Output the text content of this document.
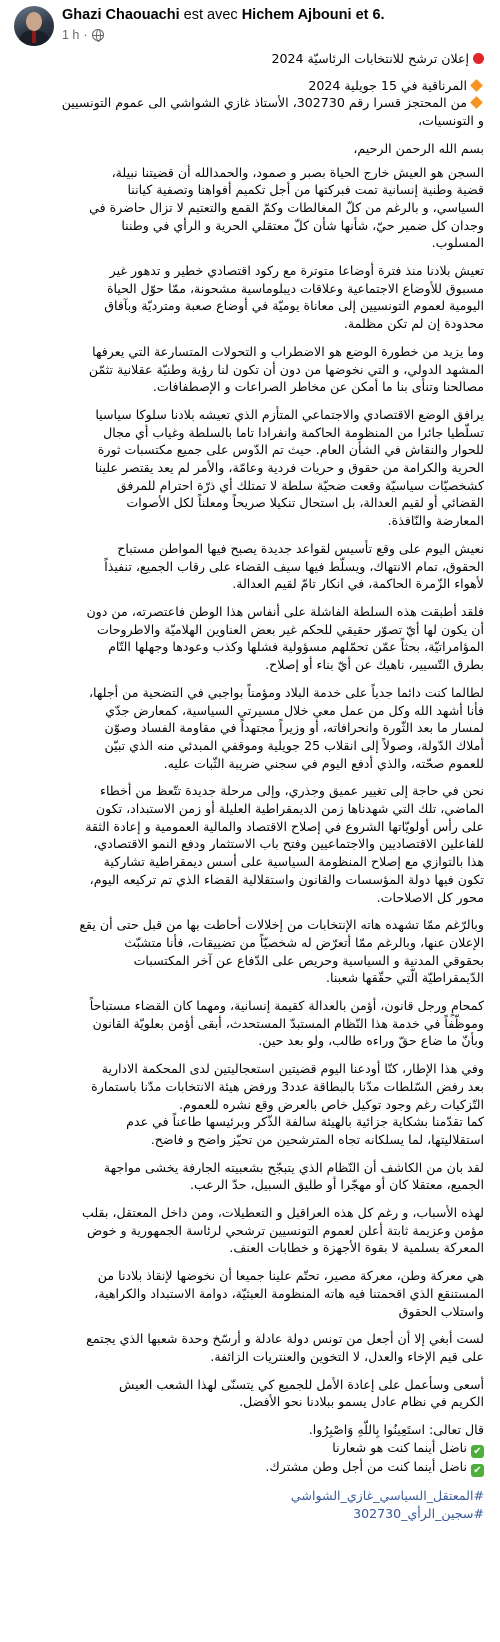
Ghazi Chaouachi est avec Hichem Ajbouni et 6.
1 h ·

إعلان ترشح للانتخابات الرئاسيّة 2024

المرناقية في 15 جويلية 2024

من المحتجز قسرا رقم 302730، الأستاذ غازي الشواشي الى عموم التونسيين
و التونسيات،

بسم الله الرحمن الرحيم،

السجن هو العيش خارج الحياة بصبر و صمود، والحمدالله أن قضيتنا نبيلة،
قضية وطنية إنسانية تمت فبركتها من أجل تكميم أفواهنا وتصفية كياننا
السياسي، و بالرغم من كلّ المغالطات وكمّ القمع والتعتيم لا تزال حاضرة في
وجدان كل ضمير حيّ، شأنها شأن كلّ معتقلي الحرية و الرأي في وطننا
المسلوب.

تعيش بلادنا منذ فترة أوضاعا متوترة مع ركود اقتصادي خطير و تدهور غير
مسبوق للأوضاع الاجتماعية وعلاقات ديبلوماسية مشحونة، ممّا حوّل الحياة
اليومية لعموم التونسيين إلى معاناة يوميّة في أوضاع صعبة ومترديّة وبآفاق
محدودة إن لم تكن مظلمة.

وما يزيد من خطورة الوضع هو الاضطراب و التحولات المتسارعة التي يعرفها
المشهد الدولي، و التي نخوضها من دون أن تكون لنا رؤية وطنيّة عقلانية تثمّن
مصالحنا وتنأى بنا ما أمكن عن مخاطر الصراعات و الإصطفافات.

يرافق الوضع الاقتصادي والاجتماعي المتأزم الذي تعيشه بلادنا سلوكا سياسيا
تسلّطيا جائرا من المنظومة الحاكمة وانفرادا تاما بالسلطة وغياب أي مجال
للحوار والنقاش في الشأن العام. حيث تم الدّوس على جميع مكتسبات ثورة
الحرية والكرامة من حقوق و حريات فردية وعامّة، والأمر لم يعد يقتصر علينا
كشخصيّات سياسيّة وقعت ضحيّة سلطة لا تمتلك أي ذرّة احترام للمرفق
القضائي أو لقيم العدالة، بل استحال تنكيلا صريحاً ومعلناً لكل الأصوات
المعارضة والنّافذة.

نعيش اليوم على وقع تأسيس لقواعد جديدة يصبح فيها المواطن مستباح
الحقوق، تمام الانتهاك، ويسلّط فيها سيف القضاء على رقاب الجميع، تنفيذاً
لأهواء الزّمرة الحاكمة، في انكار تامّ لقيم العدالة.

فلقد أطبقت هذه السلطة الفاشلة على أنفاس هذا الوطن فاعتصرته، من دون
أن يكون لها أيّ تصوّر حقيقي للحكم غير بعض العناوين الهلاميّة والاطروحات
المؤامراتيّة، بحثاً عمّن تحمّلهم مسؤولية فشلها وكذب وعودها وجهلها التّام
بطرق التّسيير، ناهيك عن أيّ بناء أو إصلاح.

لطالما كنت دائما جدياً على خدمة البلاد ومؤمناً بواجبي في التضحية من أجلها،
فأنا أشهد الله وكل من عمل معي خلال مسيرتي السياسية، كمعارض جدّي
لمسار ما بعد الثّورة وانحرافاته، أو وزيراً مجتهداً في مقاومة الفساد وصوّن
أملاك الدّولة، وصولاً إلى انقلاب 25 جويلية وموقفي المبدئي منه الذي تبيّن
للعموم صحّته، والذي أدفع اليوم في سجني ضريبة الثّبات عليه.

نحن في حاجة إلى تغيير عميق وجذري، وإلى مرحلة جديدة تتّعظ من أخطاء
الماضي، تلك التي شهدناها زمن الديمقراطية العليلة أو زمن الاستبداد، تكون
على رأس أولويّاتها الشروع في إصلاح الاقتصاد والمالية العمومية و إعادة الثقة
للفاعلين الاقتصاديين والاجتماعيين وفتح باب الاستثمار ودفع النمو الاقتصادي،
هذا بالتوازي مع إصلاح المنظومة السياسية على أسس ديمقراطية تشاركية
تكون فيها دولة المؤسسات والقانون واستقلالية القضاء الذي تم تركيعه اليوم،
محور كل الاصلاحات.

وبالرّغم ممّا تشهده هاته الإنتخابات من إخلالات أحاطت بها من قبل حتى أن يقع
الإعلان عنها، وبالرغم ممّا أتعرّض له شخصيّاً من تضييقات، فأنا متشبّث
بحقوقي المدنية و السياسية وحريص على الدّفاع عن آخر المكتسبات
الدّيمقراطيّة الّتي حقّقها شعبنا.

كمحامٍ ورجل قانون، أؤمن بالعدالة كقيمة إنسانية، ومهما كان القضاء مستباحاً
وموظّفاً في خدمة هذا النّظام المستبدّ المستحدث، أبقى أؤمن بعلويّة القانون
وبأنّ ما ضاع حقّ وراءه طالب، ولو بعد حين.

وفي هذا الإطار، كنّا أودعنا اليوم قضيتين استعجاليتين لدى المحكمة الادارية
بعد رفض السّلطات مدّنا بالبطاقة عدد3 ورفض هيئة الانتخابات مدّنا باستمارة
التّزكيات رغم وجود توكيل خاص بالعرض وقع نشره للعموم.
كما تقدّمنا بشكاية جزائية بالهيئة سالفة الذّكر وبرئيسها طاعناً في عدم
استقلاليتها، لما يسلكانه تجاه المترشحين من تحيّز واضح و فاضح.

لقد بان من الكاشف أن النّظام الذي يتبجّح بشعبيته الجارفة يخشى مواجهة
الجميع، معتقلا كان أو مهجّرا أو طليق السبيل، حدّ الرعب.

لهذه الأسباب، و رغم كل هذه العراقيل و التعطيلات، ومن داخل المعتقل، بقلب
مؤمن وعزيمة ثابتة أعلن لعموم التونسيين ترشحي لرئاسة الجمهورية و خوض
المعركة بسلمية لا بقوة الأجهزة و خطابات العنف.

هي معركة وطن، معركة مصير، تحتّم علينا جميعا أن نخوضها لإنقاذ بلادنا من
المستنقع الذي اقحمتنا فيه هاته المنظومة العبثيّة، دوامة الاستبداد والكراهية،
واستلاب الحقوق

لست أبغي إلا أن أجعل من تونس دولة عادلة و أرسّخ وحدة شعبها الذي يجتمع
على قيم الإخاء والعدل، لا التخوين والعنتريات الزائفة.

أسعى وسأعمل على إعادة الأمل للجميع كي يتسنّى لهذا الشعب العيش
الكريم في نظام عادل يسمو ببلادنا نحو الأفضل.

قال تعالى: استَعِينُوا بِاللّهِ وَاصْبِرُوا.

✔ناضل أينما كنت هو شعارنا

✔ناضل أينما كنت من أجل وطن مشترك.

#المعتقل_السياسي_غازي_الشواشي
#سجين_الرأي_302730
